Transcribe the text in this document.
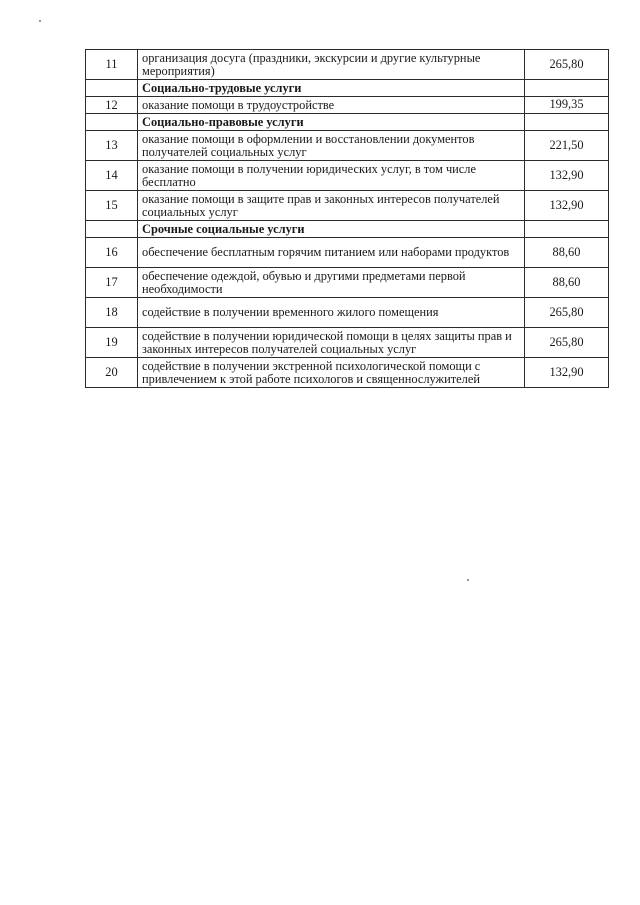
11	организация досуга (праздники, экскурсии и другие культурные мероприятия)	265,80
	Социально-трудовые услуги	
12	оказание помощи в трудоустройстве	199,35
	Социально-правовые услуги	
13	оказание помощи в оформлении и восстановлении документов получателей социальных услуг	221,50
14	оказание помощи в получении юридических услуг, в том числе бесплатно	132,90
15	оказание помощи в защите прав и законных интересов получателей социальных услуг	132,90
	Срочные социальные услуги	
16	обеспечение бесплатным горячим питанием или наборами продуктов	88,60
17	обеспечение одеждой, обувью и другими предметами первой необходимости	88,60
18	содействие в получении временного жилого помещения	265,80
19	содействие в получении юридической помощи в целях защиты прав и законных интересов получателей социальных услуг	265,80
20	содействие в получении экстренной психологической помощи с привлечением к этой работе психологов и священнослужителей	132,90
